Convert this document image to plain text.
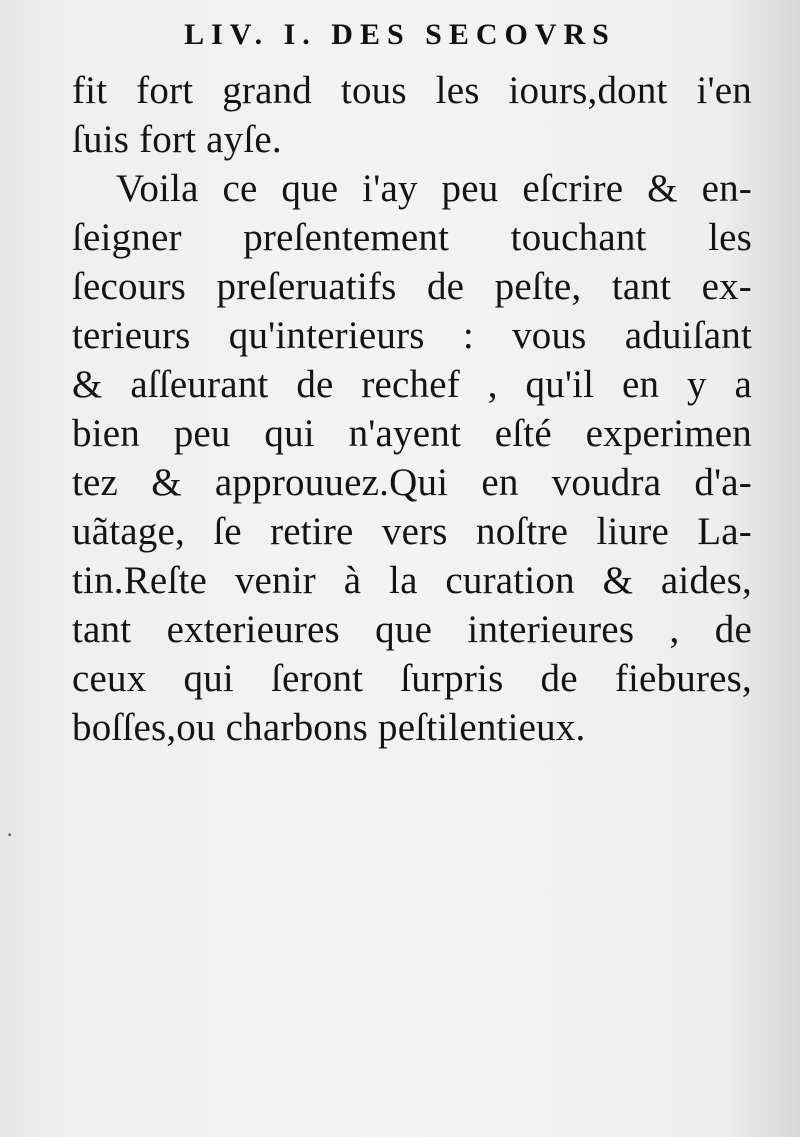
LIV. I. DES SECOVRS
fit fort grand tous les iours,dont i'en
ſuis fort ayſe.
Voila ce que i'ay peu eſcrire & en-
ſeigner preſentement touchant les
ſecours preſeruatifs de peſte, tant ex-
terieurs qu'interieurs : vous aduiſant
& aſſeurant de rechef , qu'il en y a
bien peu qui n'ayent eſté experimen
tez & approuuez.Qui en voudra d'a-
uãtage, ſe retire vers noſtre liure La-
tin.Reſte venir à la curation & aides,
tant exterieures que interieures , de
ceux qui ſeront ſurpris de fiebures,
boſſes,ou charbons peſtilentieux.
·
